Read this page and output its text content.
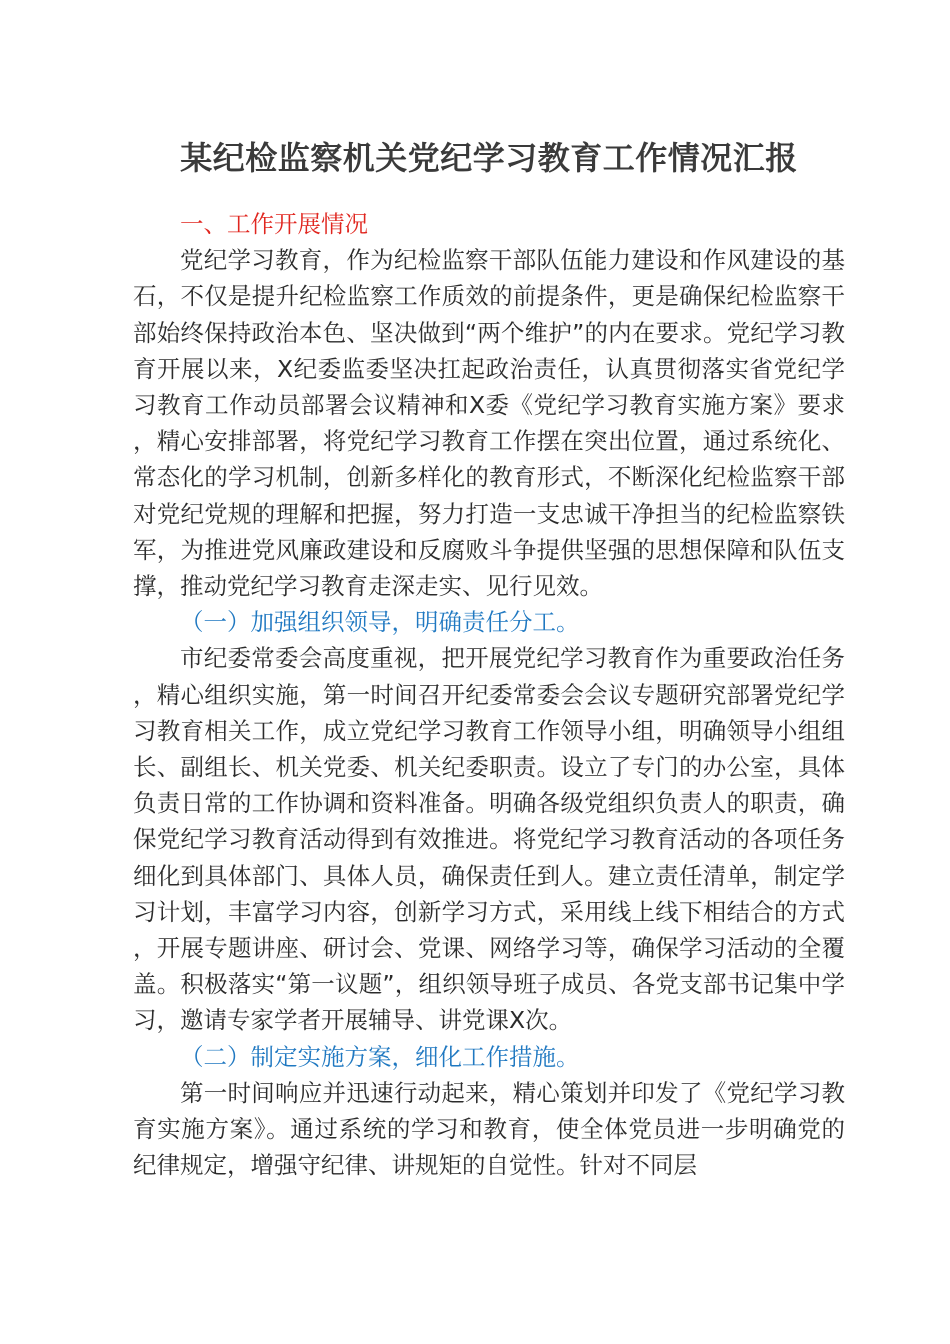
某纪检监察机关党纪学习教育工作情况汇报

一、工作开展情况

党纪学习教育，作为纪检监察干部队伍能力建设和作风建设的基石，不仅是提升纪检监察工作质效的前提条件，更是确保纪检监察干部始终保持政治本色、坚决做到“两个维护”的内在要求。党纪学习教育开展以来，X纪委监委坚决扛起政治责任，认真贯彻落实省党纪学习教育工作动员部署会议精神和X委《党纪学习教育实施方案》要求，精心安排部署，将党纪学习教育工作摆在突出位置，通过系统化、常态化的学习机制，创新多样化的教育形式，不断深化纪检监察干部对党纪党规的理解和把握，努力打造一支忠诚干净担当的纪检监察铁军，为推进党风廉政建设和反腐败斗争提供坚强的思想保障和队伍支撑，推动党纪学习教育走深走实、见行见效。

（一）加强组织领导，明确责任分工。

市纪委常委会高度重视，把开展党纪学习教育作为重要政治任务，精心组织实施，第一时间召开纪委常委会会议专题研究部署党纪学习教育相关工作，成立党纪学习教育工作领导小组，明确领导小组组长、副组长、机关党委、机关纪委职责。设立了专门的办公室，具体负责日常的工作协调和资料准备。明确各级党组织负责人的职责，确保党纪学习教育活动得到有效推进。将党纪学习教育活动的各项任务细化到具体部门、具体人员，确保责任到人。建立责任清单，制定学习计划，丰富学习内容，创新学习方式，采用线上线下相结合的方式，开展专题讲座、研讨会、党课、网络学习等，确保学习活动的全覆盖。积极落实“第一议题”，组织领导班子成员、各党支部书记集中学习，邀请专家学者开展辅导、讲党课X次。

（二）制定实施方案，细化工作措施。

第一时间响应并迅速行动起来，精心策划并印发了《党纪学习教育实施方案》。通过系统的学习和教育，使全体党员进一步明确党的纪律规定，增强守纪律、讲规矩的自觉性。针对不同层
